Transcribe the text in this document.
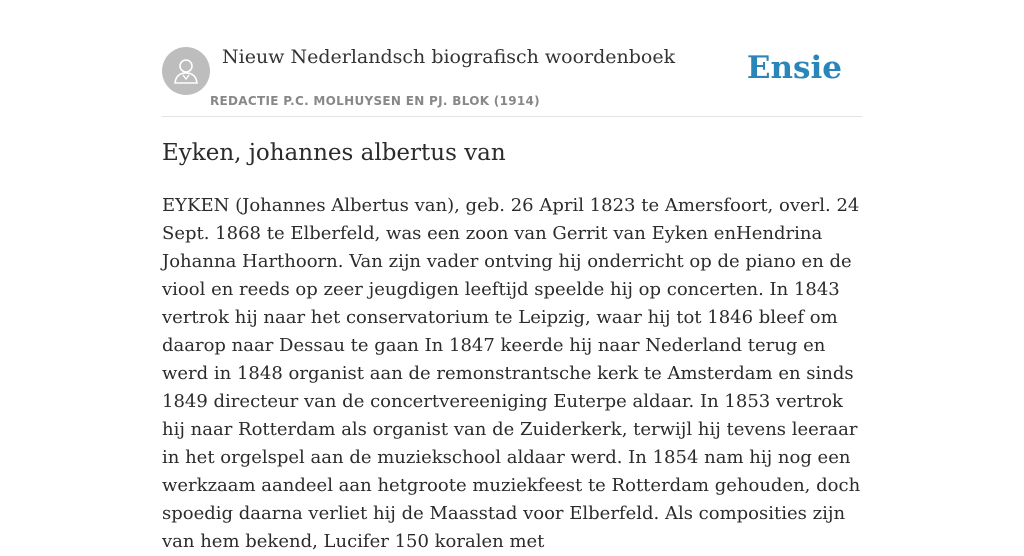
Nieuw Nederlandsch biografisch woordenboek
REDACTIE P.C. MOLHUYSEN EN PJ. BLOK (1914)
Ensie
Eyken, johannes albertus van

EYKEN (Johannes Albertus van), geb. 26 April 1823 te Amersfoort, overl. 24 Sept. 1868 te Elberfeld, was een zoon van Gerrit van Eyken enHendrina Johanna Harthoorn. Van zijn vader ontving hij onderricht op de piano en de viool en reeds op zeer jeugdigen leeftijd speelde hij op concerten. In 1843 vertrok hij naar het conservatorium te Leipzig, waar hij tot 1846 bleef om daarop naar Dessau te gaan In 1847 keerde hij naar Nederland terug en werd in 1848 organist aan de remonstrantsche kerk te Amsterdam en sinds 1849 directeur van de concertvereeniging Euterpe aldaar. In 1853 vertrok hij naar Rotterdam als organist van de Zuiderkerk, terwijl hij tevens leeraar in het orgelspel aan de muziekschool aldaar werd. In 1854 nam hij nog een werkzaam aandeel aan hetgroote muziekfeest te Rotterdam gehouden, doch spoedig daarna verliet hij de Maasstad voor Elberfeld. Als composities zijn van hem bekend, Lucifer 150 koralen met
